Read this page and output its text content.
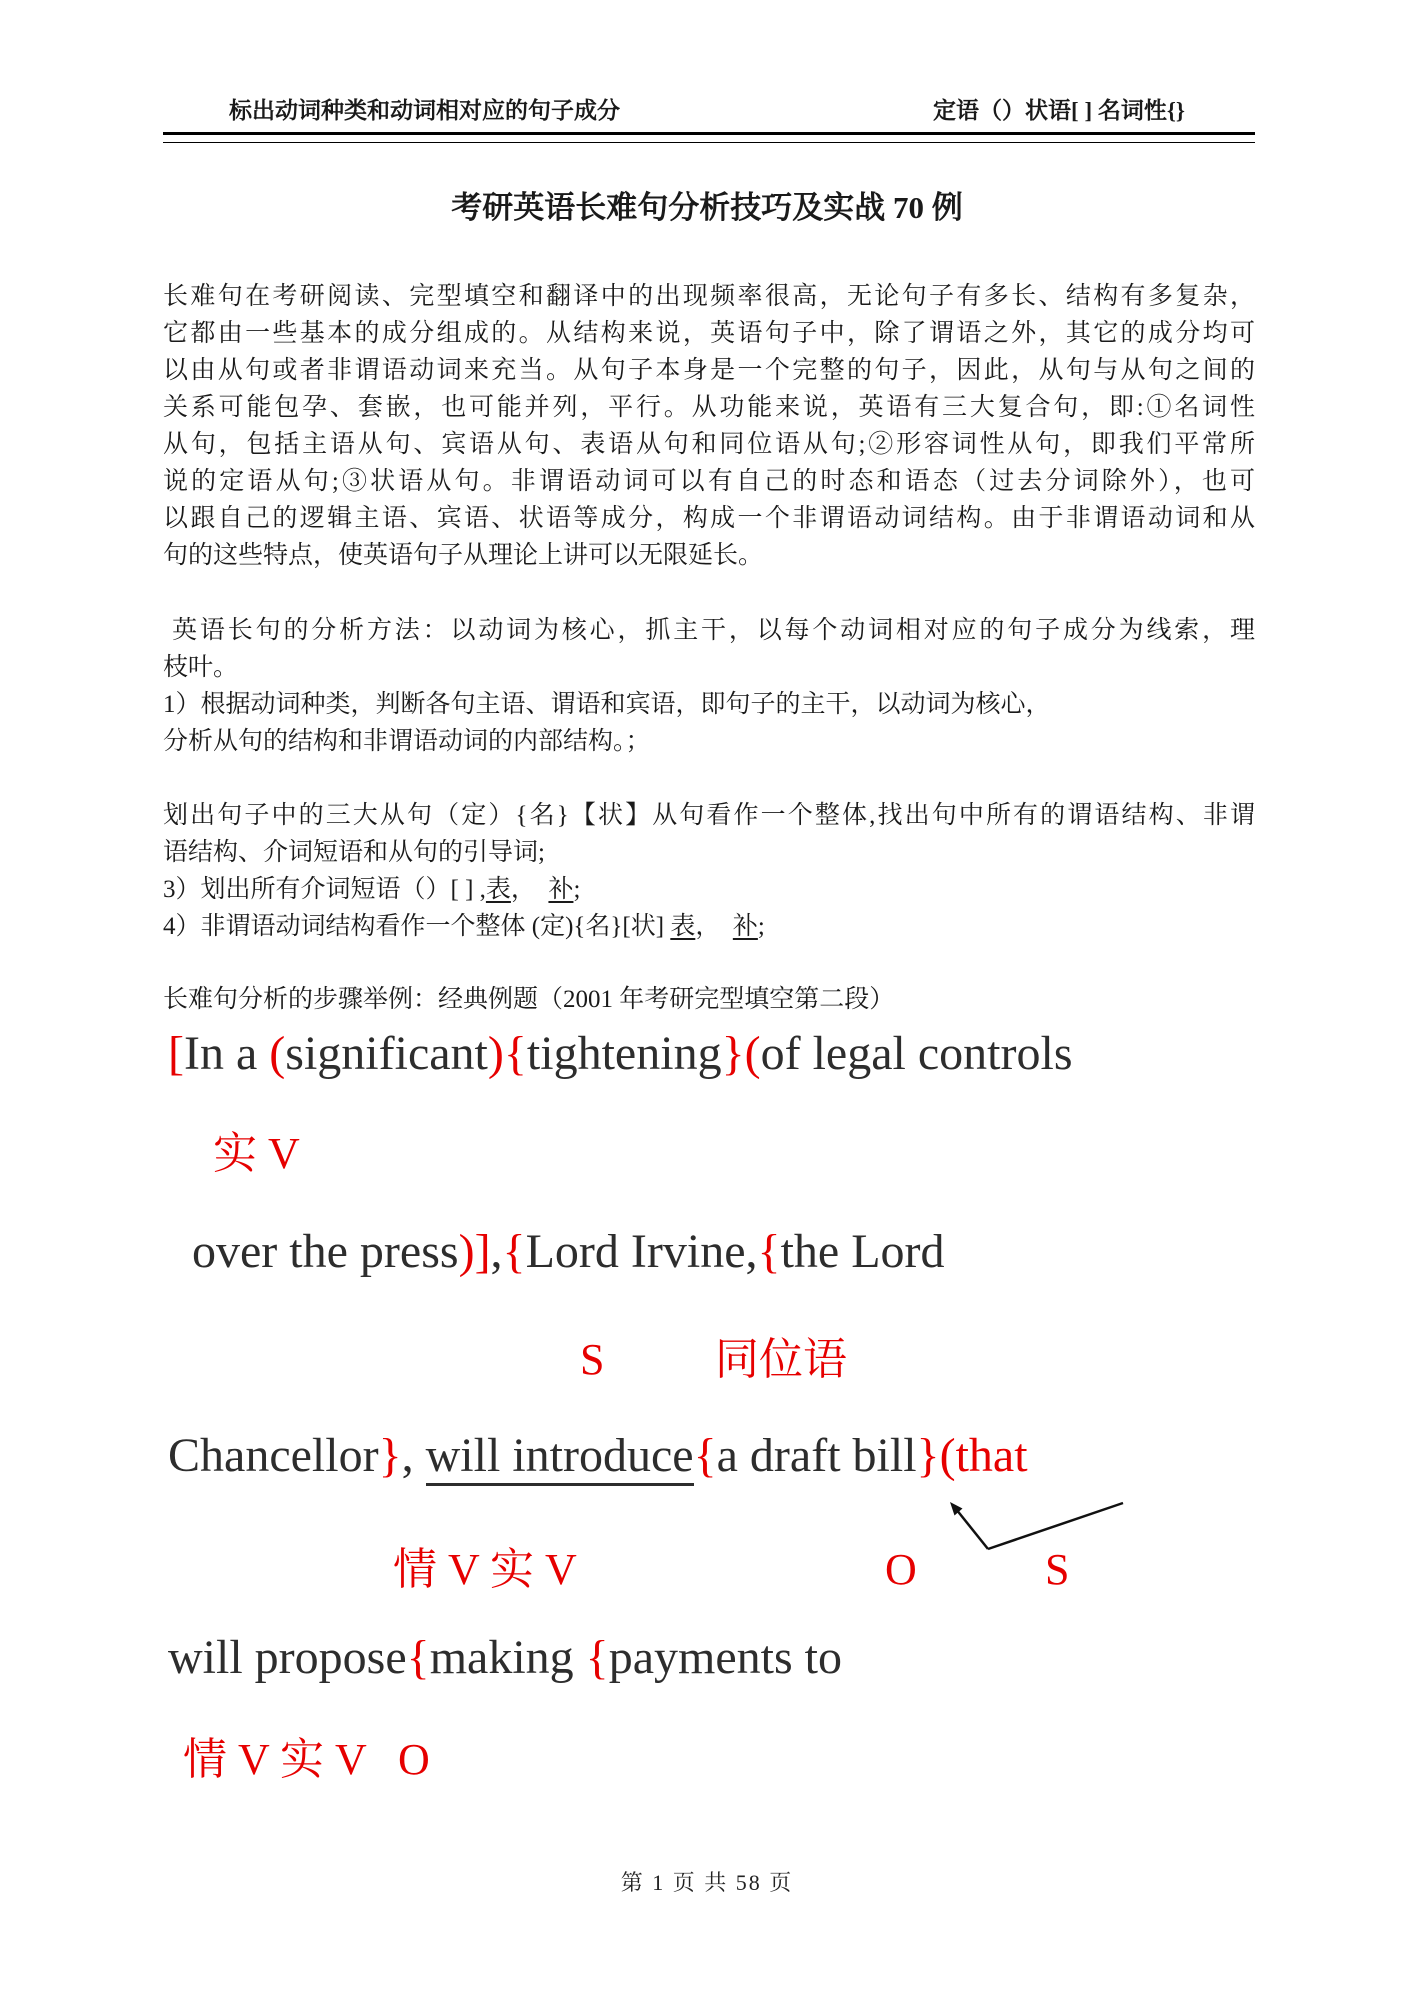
标出动词种类和动词相对应的句子成分	定语（）状语[ ] 名词性{}
考研英语长难句分析技巧及实战 70 例
长难句在考研阅读、完型填空和翻译中的出现频率很高，无论句子有多长、结构有多复杂，
它都由一些基本的成分组成的。从结构来说，英语句子中，除了谓语之外，其它的成分均可
以由从句或者非谓语动词来充当。从句子本身是一个完整的句子，因此，从句与从句之间的
关系可能包孕、套嵌，也可能并列，平行。从功能来说，英语有三大复合句，即:①名词性
从句，包括主语从句、宾语从句、表语从句和同位语从句;②形容词性从句，即我们平常所
说的定语从句;③状语从句。非谓语动词可以有自己的时态和语态（过去分词除外），也可
以跟自己的逻辑主语、宾语、状语等成分，构成一个非谓语动词结构。由于非谓语动词和从
句的这些特点，使英语句子从理论上讲可以无限延长。
英语长句的分析方法：以动词为核心，抓主干，以每个动词相对应的句子成分为线索，理
枝叶。
1）根据动词种类，判断各句主语、谓语和宾语，即句子的主干，以动词为核心，
分析从句的结构和非谓语动词的内部结构。；
划出句子中的三大从句（定）{名}【状】从句看作一个整体,找出句中所有的谓语结构、非谓
语结构、介词短语和从句的引导词;
3）划出所有介词短语（）[ ] ,表，　补;
4）非谓语动词结构看作一个整体 (定){名}[状] 表，　补;
长难句分析的步骤举例：经典例题（2001 年考研完型填空第二段）
[In a (significant){tightening}(of legal controls
实 V
over the press)],{Lord Irvine,{the Lord
S	同位语
Chancellor}, will introduce{a draft bill}(that
情 V 实 V	O	S
will propose{making {payments to
情 V 实 V O
第 1 页 共 58 页
